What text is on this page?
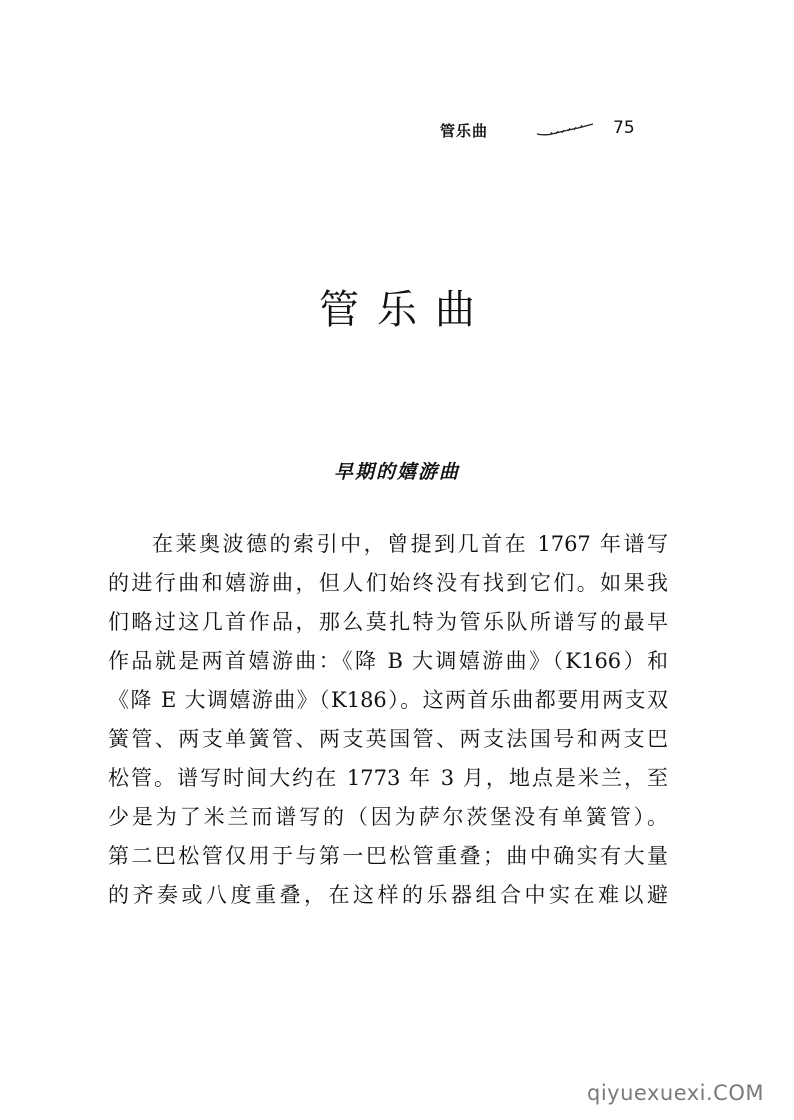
管乐曲	75
管乐曲
早期的嬉游曲
在莱奥波德的索引中，曾提到几首在 1767 年谱写
的进行曲和嬉游曲，但人们始终没有找到它们。如果我
们略过这几首作品，那么莫扎特为管乐队所谱写的最早
作品就是两首嬉游曲：《降 B 大调嬉游曲》（K166）和
《降 E 大调嬉游曲》（K186）。这两首乐曲都要用两支双
簧管、两支单簧管、两支英国管、两支法国号和两支巴
松管。谱写时间大约在 1773 年 3 月，地点是米兰，至
少是为了米兰而谱写的（因为萨尔茨堡没有单簧管）。
第二巴松管仅用于与第一巴松管重叠；曲中确实有大量
的齐奏或八度重叠，在这样的乐器组合中实在难以避
qiyuexuexi.COM
